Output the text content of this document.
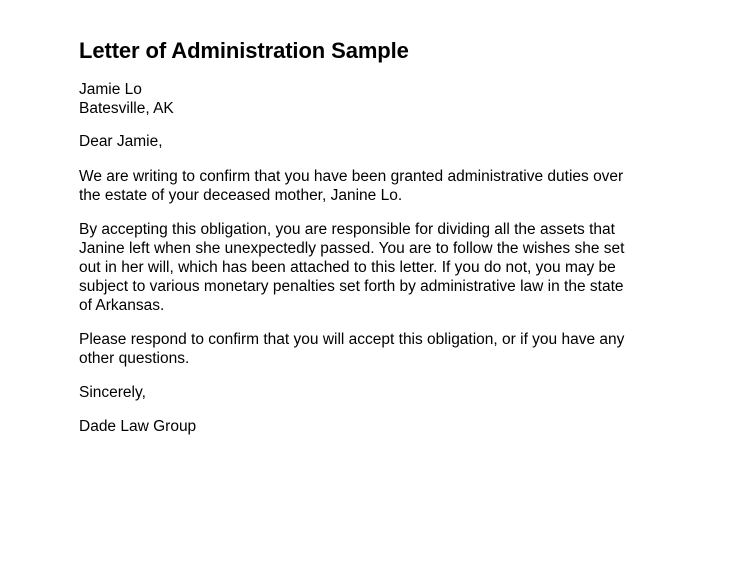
Letter of Administration Sample
Jamie Lo
Batesville, AK
Dear Jamie,
We are writing to confirm that you have been granted administrative duties over
the estate of your deceased mother, Janine Lo.
By accepting this obligation, you are responsible for dividing all the assets that
Janine left when she unexpectedly passed. You are to follow the wishes she set
out in her will, which has been attached to this letter. If you do not, you may be
subject to various monetary penalties set forth by administrative law in the state
of Arkansas.
Please respond to confirm that you will accept this obligation, or if you have any
other questions.
Sincerely,
Dade Law Group
